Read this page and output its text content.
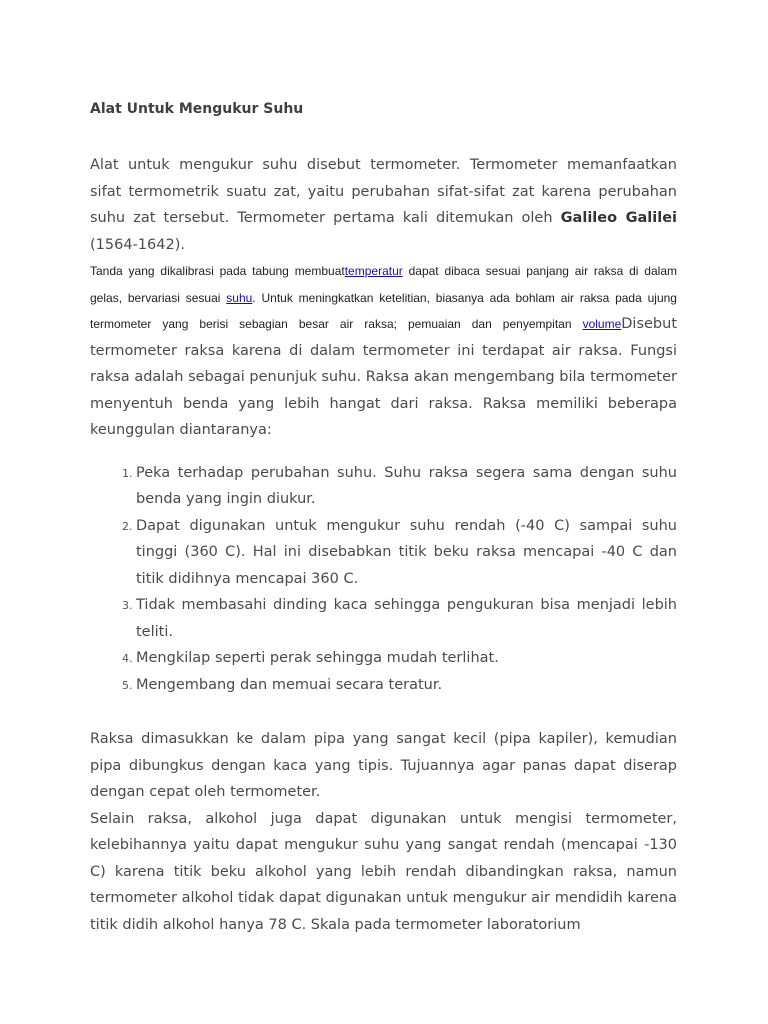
Alat Untuk Mengukur Suhu

Alat untuk mengukur suhu disebut termometer. Termometer memanfaatkan sifat termometrik suatu zat, yaitu perubahan sifat-sifat zat karena perubahan suhu zat tersebut. Termometer pertama kali ditemukan oleh Galileo Galilei (1564-1642).

Tanda yang dikalibrasi pada tabung membuattemperatur dapat dibaca sesuai panjang air raksa di dalam gelas, bervariasi sesuai suhu. Untuk meningkatkan ketelitian, biasanya ada bohlam air raksa pada ujung termometer yang berisi sebagian besar air raksa; pemuaian dan penyempitan volumeDisebut termometer raksa karena di dalam termometer ini terdapat air raksa. Fungsi raksa adalah sebagai penunjuk suhu. Raksa akan mengembang bila termometer menyentuh benda yang lebih hangat dari raksa. Raksa memiliki beberapa keunggulan diantaranya:

1. Peka terhadap perubahan suhu. Suhu raksa segera sama dengan suhu benda yang ingin diukur.
2. Dapat digunakan untuk mengukur suhu rendah (-40 C) sampai suhu tinggi (360 C). Hal ini disebabkan titik beku raksa mencapai -40 C dan titik didihnya mencapai 360 C.
3. Tidak membasahi dinding kaca sehingga pengukuran bisa menjadi lebih teliti.
4. Mengkilap seperti perak sehingga mudah terlihat.
5. Mengembang dan memuai secara teratur.

Raksa dimasukkan ke dalam pipa yang sangat kecil (pipa kapiler), kemudian pipa dibungkus dengan kaca yang tipis. Tujuannya agar panas dapat diserap dengan cepat oleh termometer.

Selain raksa, alkohol juga dapat digunakan untuk mengisi termometer, kelebihannya yaitu dapat mengukur suhu yang sangat rendah (mencapai -130 C) karena titik beku alkohol yang lebih rendah dibandingkan raksa, namun termometer alkohol tidak dapat digunakan untuk mengukur air mendidih karena titik didih alkohol hanya 78 C. Skala pada termometer laboratorium
